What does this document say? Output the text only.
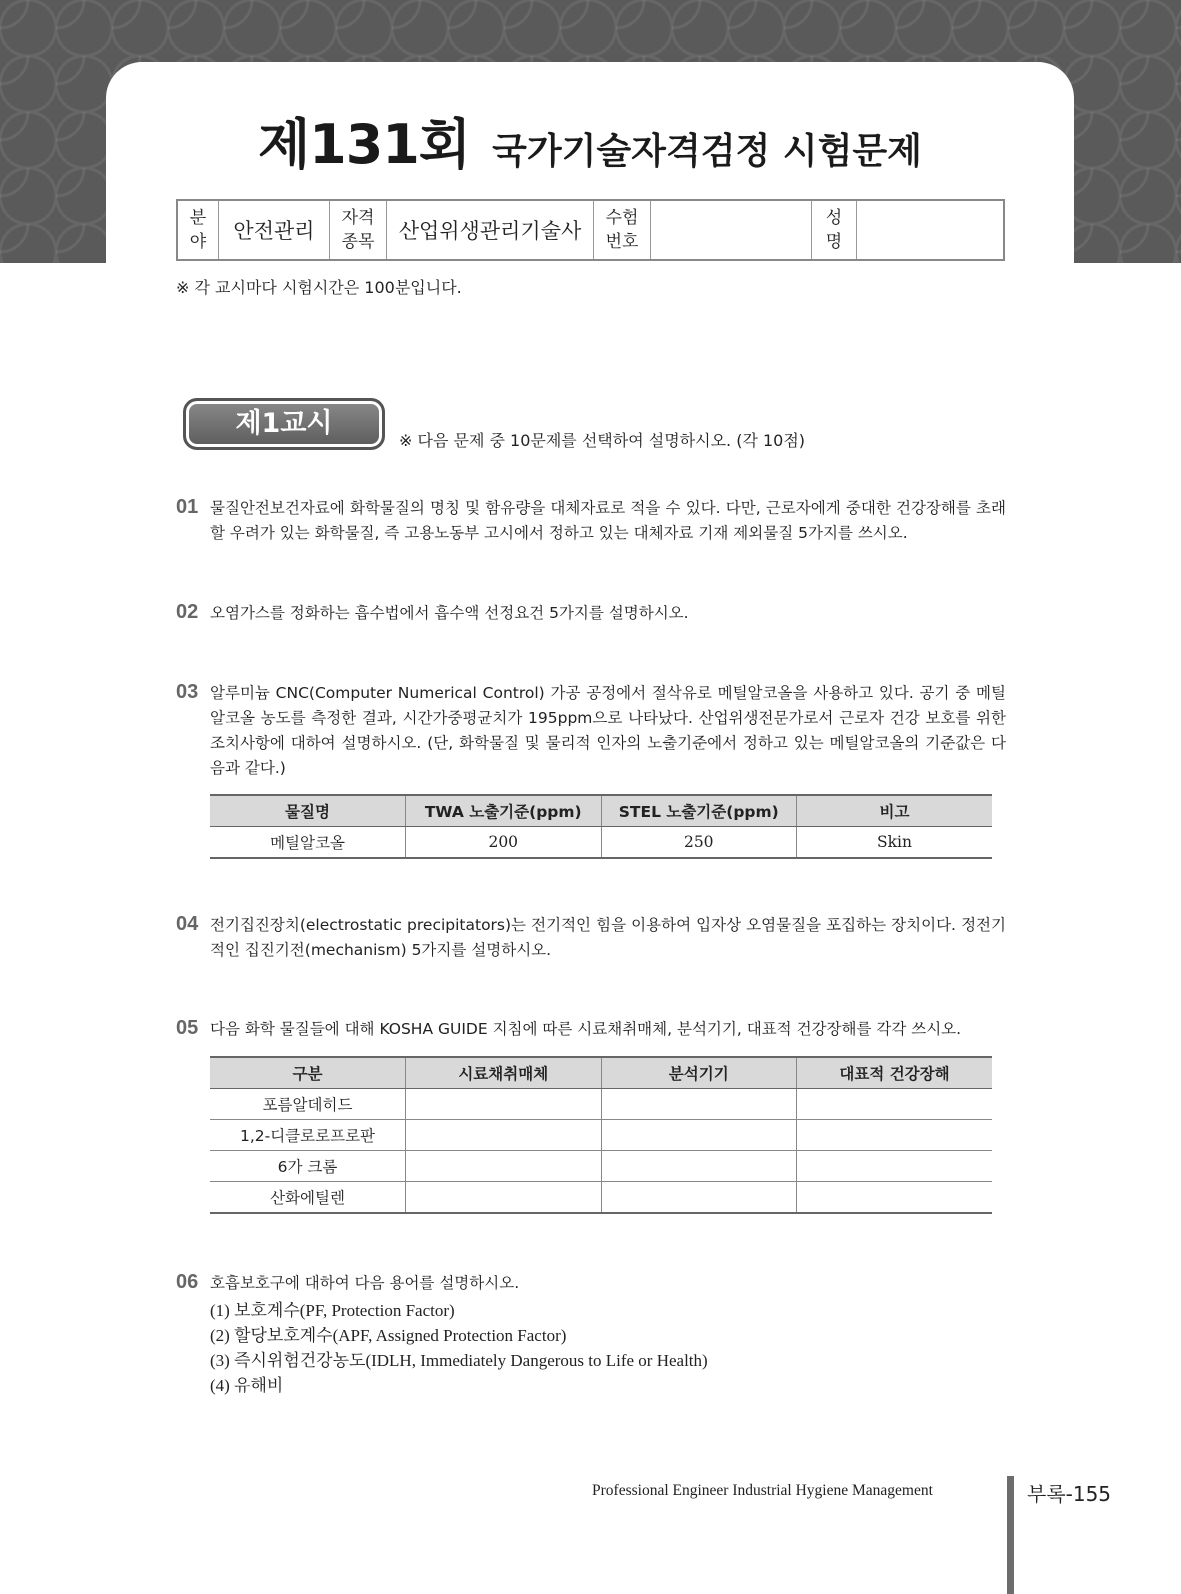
제131회 국가기술자격검정 시험문제
분야	안전관리	자격종목	산업위생관리기술사	수험번호		성명	
※ 각 교시마다 시험시간은 100분입니다.
제1교시
※ 다음 문제 중 10문제를 선택하여 설명하시오. (각 10점)
01 물질안전보건자료에 화학물질의 명칭 및 함유량을 대체자료로 적을 수 있다. 다만, 근로자에게 중대한 건강장해를 초래할 우려가 있는 화학물질, 즉 고용노동부 고시에서 정하고 있는 대체자료 기재 제외물질 5가지를 쓰시오.
02 오염가스를 정화하는 흡수법에서 흡수액 선정요건 5가지를 설명하시오.
03 알루미늄 CNC(Computer Numerical Control) 가공 공정에서 절삭유로 메틸알코올을 사용하고 있다. 공기 중 메틸알코올 농도를 측정한 결과, 시간가중평균치가 195ppm으로 나타났다. 산업위생전문가로서 근로자 건강 보호를 위한 조치사항에 대하여 설명하시오. (단, 화학물질 및 물리적 인자의 노출기준에서 정하고 있는 메틸알코올의 기준값은 다음과 같다.)
물질명	TWA 노출기준(ppm)	STEL 노출기준(ppm)	비고
메틸알코올	200	250	Skin
04 전기집진장치(electrostatic precipitators)는 전기적인 힘을 이용하여 입자상 오염물질을 포집하는 장치이다. 정전기적인 집진기전(mechanism) 5가지를 설명하시오.
05 다음 화학 물질들에 대해 KOSHA GUIDE 지침에 따른 시료채취매체, 분석기기, 대표적 건강장해를 각각 쓰시오.
구분	시료채취매체	분석기기	대표적 건강장해
포름알데히드			
1,2-디클로로프로판			
6가 크롬			
산화에틸렌			
06 호흡보호구에 대하여 다음 용어를 설명하시오.
(1) 보호계수(PF, Protection Factor)
(2) 할당보호계수(APF, Assigned Protection Factor)
(3) 즉시위험건강농도(IDLH, Immediately Dangerous to Life or Health)
(4) 유해비
Professional Engineer Industrial Hygiene Management	부록-155
